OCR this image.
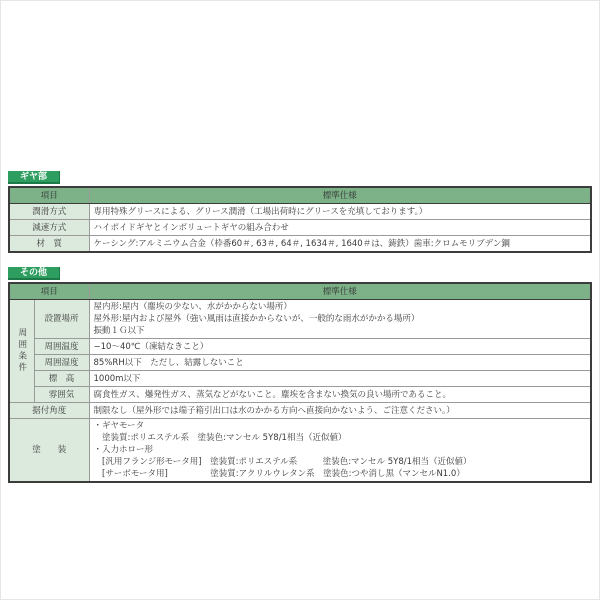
ギヤ部
項目	標準仕様
潤滑方式	専用特殊グリースによる、グリース潤滑（工場出荷時にグリースを充填しております。）
減速方式	ハイポイドギヤとインボリュートギヤの組み合わせ
材　質	ケーシング:アルミニウム合金（枠番60＃, 63＃, 64＃, 1634＃, 1640＃は、鋳鉄）歯車:クロムモリブデン鋼
その他
項目		標準仕様
周囲条件	設置場所	屋内形:屋内（塵埃の少ない、水がかからない場所）
屋外形:屋内および屋外（強い風雨は直接かからないが、一般的な雨水がかかる場所）
振動１Ｇ以下

	周囲温度	−10〜40℃（凍結なきこと）
	周囲湿度	85%RH以下　ただし、結露しないこと
	標　高	1000m以下
	雰囲気	腐食性ガス、爆発性ガス、蒸気などがないこと。塵埃を含まない換気の良い場所であること。
据付角度		制限なし（屋外形では端子箱引出口は水のかかる方向へ直接向かないよう、ご注意ください。）
塗　　装		・ギヤモータ
　塗装質:ポリエステル系　塗装色:マンセル 5Y8/1相当（近似値）
・入力ホロー形
　[汎用フランジ形モータ用]　塗装質:ポリエステル系　　　塗装色:マンセル 5Y8/1相当（近似値）
　[サーボモータ用]　　　　　塗装質:アクリルウレタン系　塗装色:つや消し黒（マンセルN1.0）
